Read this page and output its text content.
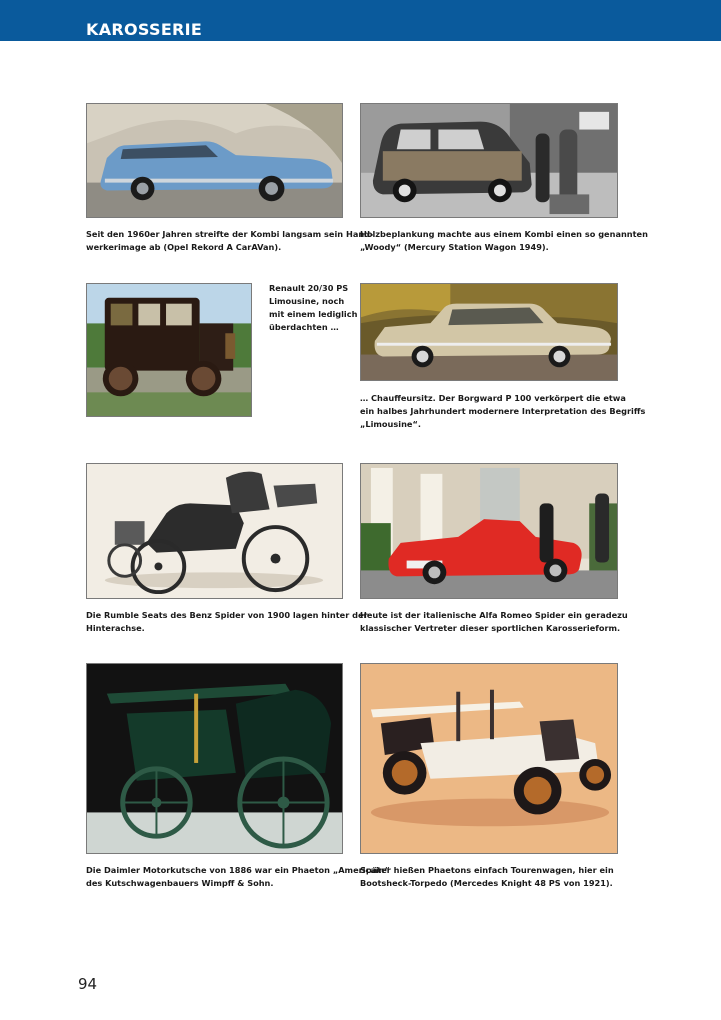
KAROSSERIE
Seit den 1960er Jahren streifte der Kombi langsam sein Hand-
werkerimage ab (Opel Rekord A CarAVan).
Holzbeplankung machte aus einem Kombi einen so genannten
„Woody“ (Mercury Station Wagon 1949).
Renault 20/30 PS
Limousine, noch
mit einem lediglich
überdachten …
… Chauffeursitz. Der Borgward P 100 verkörpert die etwa
ein halbes Jahrhundert modernere Interpretation des Begriffs
„Limousine“.
Die Rumble Seats des Benz Spider von 1900 lagen hinter der
Hinterachse.
Heute ist der italienische Alfa Romeo Spider ein geradezu
klassischer Vertreter dieser sportlichen Karosserieform.
Die Daimler Motorkutsche von 1886 war ein Phaeton „Americain“
des Kutschwagenbauers Wimpff & Sohn.
Später hießen Phaetons einfach Tourenwagen, hier ein
Bootsheck-Torpedo (Mercedes Knight 48 PS von 1921).
94
